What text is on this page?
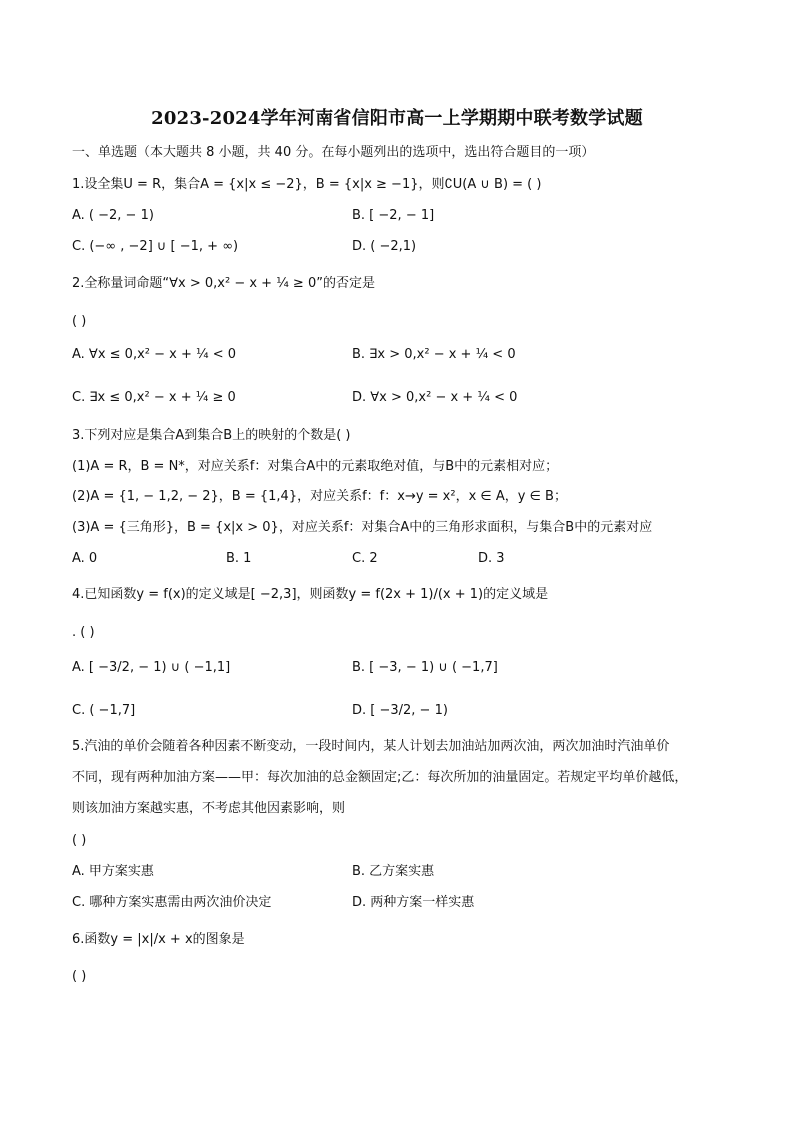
2023-2024学年河南省信阳市高一上学期期中联考数学试题
一、单选题（本大题共 8 小题，共 40 分。在每小题列出的选项中，选出符合题目的一项）
1.设全集U = R，集合A = {x|x ≤ −2}，B = {x|x ≥ −1}，则∁U(A ∪ B) = ( )
A. ( −2, − 1)	B. [ −2, − 1]
C. (−∞ , −2] ∪ [ −1, + ∞)	D. ( −2,1)
2.全称量词命题“∀x > 0,x² − x + ¼ ≥ 0”的否定是
( )
A. ∀x ≤ 0,x² − x + ¼ < 0	B. ∃x > 0,x² − x + ¼ < 0
C. ∃x ≤ 0,x² − x + ¼ ≥ 0	D. ∀x > 0,x² − x + ¼ < 0
3.下列对应是集合A到集合B上的映射的个数是( )
(1)A = R，B = N*，对应关系f：对集合A中的元素取绝对值，与B中的元素相对应；
(2)A = {1, − 1,2, − 2}，B = {1,4}，对应关系f：f：x→y = x²，x ∈ A，y ∈ B；
(3)A = {三角形}，B = {x|x > 0}，对应关系f：对集合A中的三角形求面积，与集合B中的元素对应
A. 0	B. 1	C. 2	D. 3
4.已知函数y = f(x)的定义域是[ −2,3]，则函数y = f(2x + 1)/(x + 1)的定义域是
. ( )
A. [ −3/2, − 1) ∪ ( −1,1]	B. [ −3, − 1) ∪ ( −1,7]
C. ( −1,7]	D. [ −3/2, − 1)
5.汽油的单价会随着各种因素不断变动，一段时间内，某人计划去加油站加两次油，两次加油时汽油单价
不同，现有两种加油方案——甲：每次加油的总金额固定;乙：每次所加的油量固定。若规定平均单价越低，
则该加油方案越实惠，不考虑其他因素影响，则
( )
A. 甲方案实惠	B. 乙方案实惠
C. 哪种方案实惠需由两次油价决定	D. 两种方案一样实惠
6.函数y = |x|/x + x的图象是
( )
